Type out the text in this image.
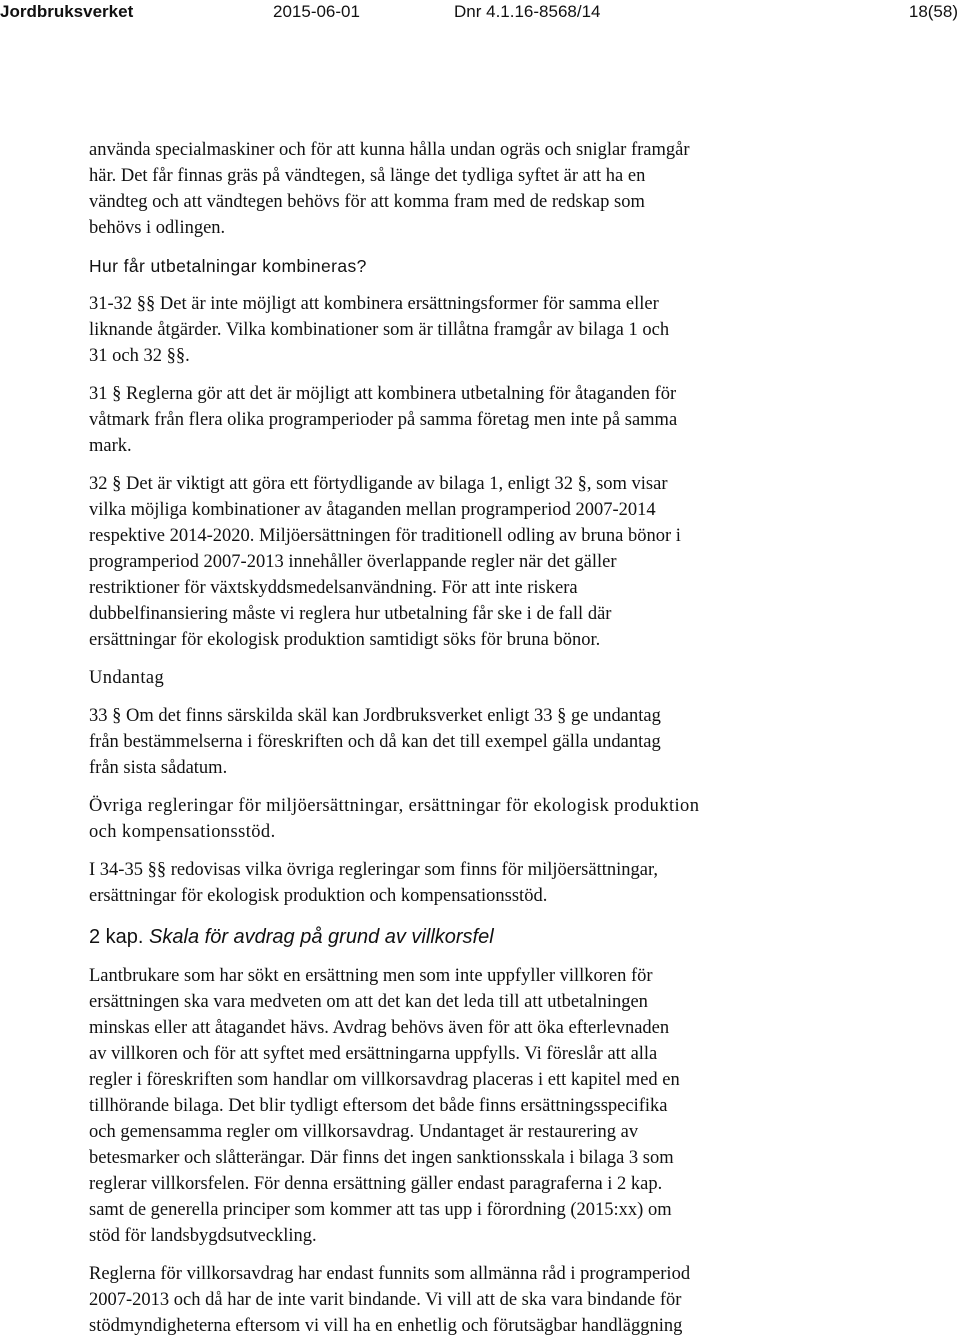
Jordbruksverket	2015-06-01	Dnr 4.1.16-8568/14	18(58)

använda specialmaskiner och för att kunna hålla undan ogräs och sniglar framgår
här. Det får finnas gräs på vändtegen, så länge det tydliga syftet är att ha en
vändteg och att vändtegen behövs för att komma fram med de redskap som
behövs i odlingen.

Hur får utbetalningar kombineras?

31-32 §§ Det är inte möjligt att kombinera ersättningsformer för samma eller
liknande åtgärder. Vilka kombinationer som är tillåtna framgår av bilaga 1 och
31 och 32 §§.

31 § Reglerna gör att det är möjligt att kombinera utbetalning för åtaganden för
våtmark från flera olika programperioder på samma företag men inte på samma
mark.

32 § Det är viktigt att göra ett förtydligande av bilaga 1, enligt 32 §, som visar
vilka möjliga kombinationer av åtaganden mellan programperiod 2007-2014
respektive 2014-2020. Miljöersättningen för traditionell odling av bruna bönor i
programperiod 2007-2013 innehåller överlappande regler när det gäller
restriktioner för växtskyddsmedelsanvändning. För att inte riskera
dubbelfinansiering måste vi reglera hur utbetalning får ske i de fall där
ersättningar för ekologisk produktion samtidigt söks för bruna bönor.

Undantag

33 § Om det finns särskilda skäl kan Jordbruksverket enligt 33 § ge undantag
från bestämmelserna i föreskriften och då kan det till exempel gälla undantag
från sista sådatum.

Övriga regleringar för miljöersättningar, ersättningar för ekologisk produktion
och kompensationsstöd.

I 34-35 §§ redovisas vilka övriga regleringar som finns för miljöersättningar,
ersättningar för ekologisk produktion och kompensationsstöd.

2 kap. Skala för avdrag på grund av villkorsfel

Lantbrukare som har sökt en ersättning men som inte uppfyller villkoren för
ersättningen ska vara medveten om att det kan det leda till att utbetalningen
minskas eller att åtagandet hävs. Avdrag behövs även för att öka efterlevnaden
av villkoren och för att syftet med ersättningarna uppfylls. Vi föreslår att alla
regler i föreskriften som handlar om villkorsavdrag placeras i ett kapitel med en
tillhörande bilaga. Det blir tydligt eftersom det både finns ersättningsspecifika
och gemensamma regler om villkorsavdrag. Undantaget är restaurering av
betesmarker och slåtterängar. Där finns det ingen sanktionsskala i bilaga 3 som
reglerar villkorsfelen. För denna ersättning gäller endast paragraferna i 2 kap.
samt de generella principer som kommer att tas upp i förordning (2015:xx) om
stöd för landsbygdsutveckling.

Reglerna för villkorsavdrag har endast funnits som allmänna råd i programperiod
2007-2013 och då har de inte varit bindande. Vi vill att de ska vara bindande för
stödmyndigheterna eftersom vi vill ha en enhetlig och förutsägbar handläggning
